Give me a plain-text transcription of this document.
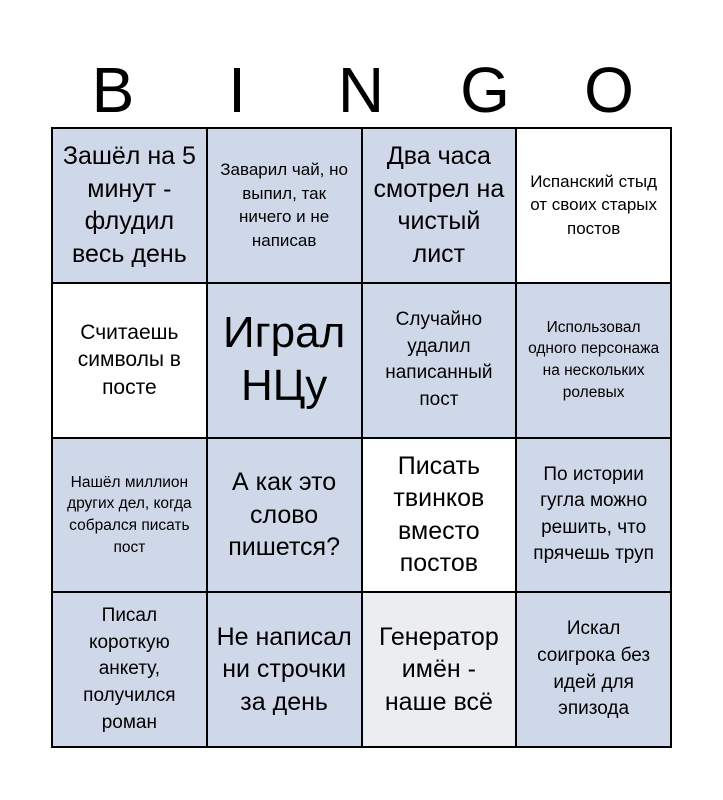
B	I	N	G	O
Зашёл на 5 минут - флудил весь день
Заварил чай, но выпил, так ничего и не написав
Два часа смотрел на чистый лист
Испанский стыд от своих старых постов
Считаешь символы в посте
Играл НЦу
Случайно удалил написанный пост
Использовал одного персонажа на нескольких ролевых
Нашёл миллион других дел, когда собрался писать пост
А как это слово пишется?
Писать твинков вместо постов
По истории гугла можно решить, что прячешь труп
Писал короткую анкету, получился роман
Не написал ни строчки за день
Генератор имён - наше всё
Искал соигрока без идей для эпизода
